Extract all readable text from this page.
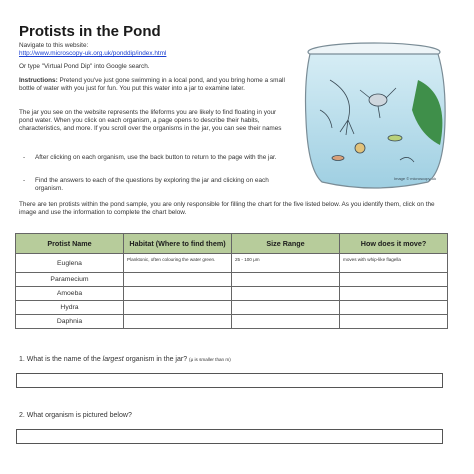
Protists in the Pond

Navigate to this website:

http://www.microscopy-uk.org.uk/ponddip/index.html

Or type "Virtual Pond Dip" into Google search.

Instructions: Pretend you've just gone swimming in a local pond, and you bring home a small bottle of water with you just for fun. You put this water into a jar to examine later.

The jar you see on the website represents the lifeforms you are likely to find floating in your pond water. When you click on each organism, a page opens to describe their habits, characteristics, and more. If you scroll over the organisms in the jar, you can see their names

- After clicking on each organism, use the back button to return to the page with the jar.
- Find the answers to each of the questions by exploring the jar and clicking on each organism.

There are ten protists within the pond sample, you are only responsible for filling the chart for the five listed below. As you identify them, click on the image and use the information to complete the chart below.

Image © microscopy-uk
Protist Name	Habitat (Where to find them)	Size Range	How does it move?
Euglena	Planktonic, often colouring the water green.	25 - 100 μm	moves with whip-like flagella
Paramecium			
Amoeba			
Hydra			
Daphnia			
1. What is the name of the largest organism in the jar? (μ is smaller than m)
2. What organism is pictured below?
